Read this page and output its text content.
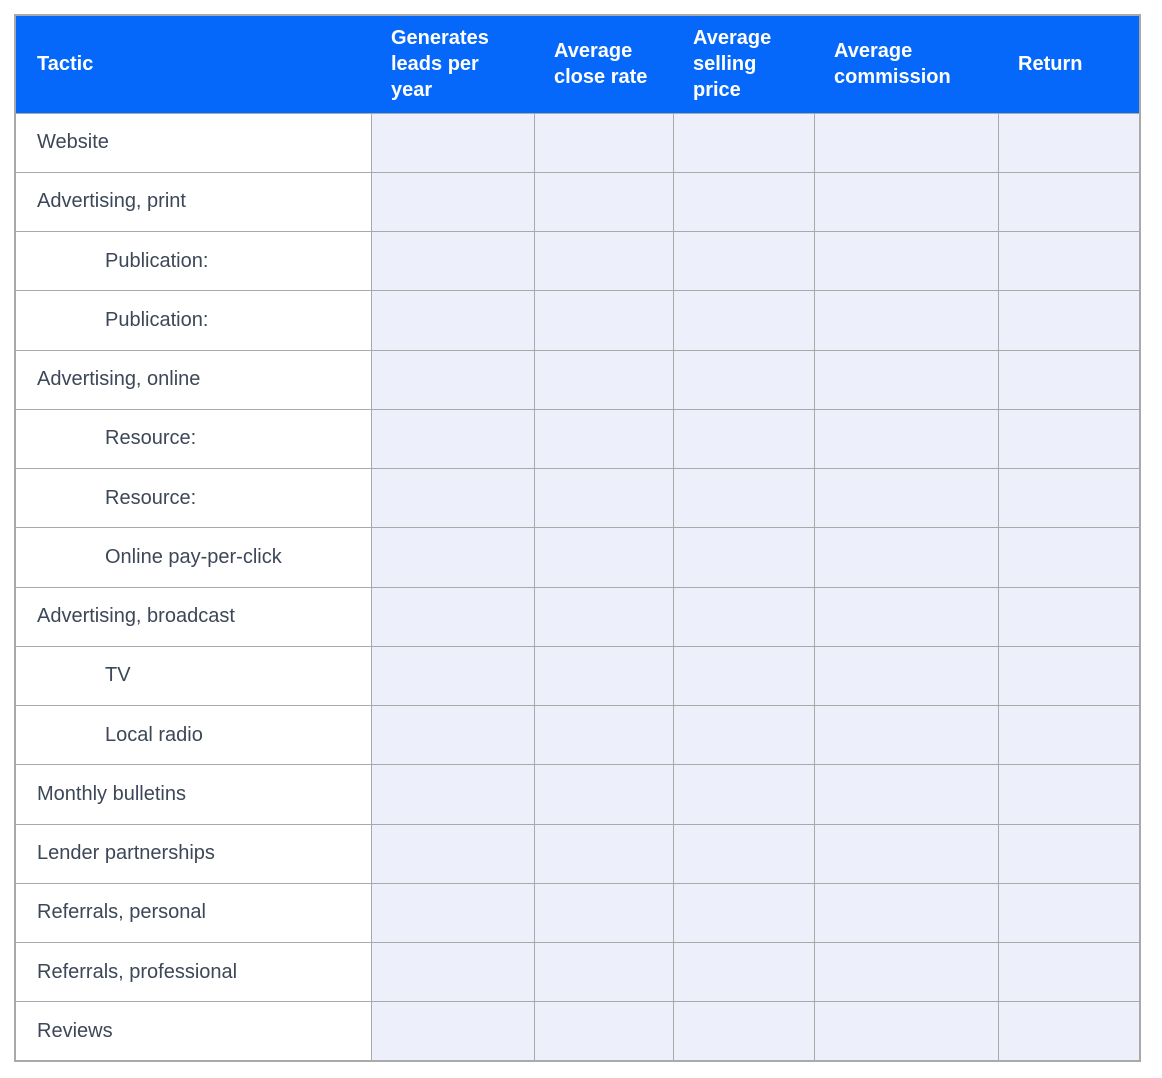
Tactic	Generates leads per year	Average close rate	Average selling price	Average commission	Return
Website					
Advertising, print					
Publication:					
Publication:					
Advertising, online					
Resource:					
Resource:					
Online pay-per-click					
Advertising, broadcast					
TV					
Local radio					
Monthly bulletins					
Lender partnerships					
Referrals, personal					
Referrals, professional					
Reviews					
